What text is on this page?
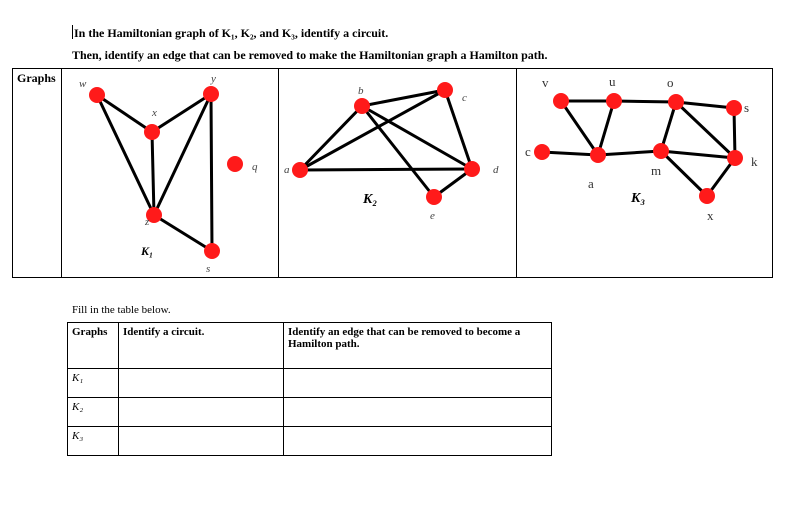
In the Hamiltonian graph of K₁, K₂, and K₃, identify a circuit.
Then, identify an edge that can be removed to make the Hamiltonian graph a Hamilton path.
Graphs w
x
y
q
z
s
K₁
a
b
c
d
e
K₂
v	u	o
s
c
a
m
k
x
K₃
Fill in the table below.
Graphs	Identify a circuit.	Identify an edge that can be removed to become a Hamilton path.
K₁		
K₂		
K₃		
